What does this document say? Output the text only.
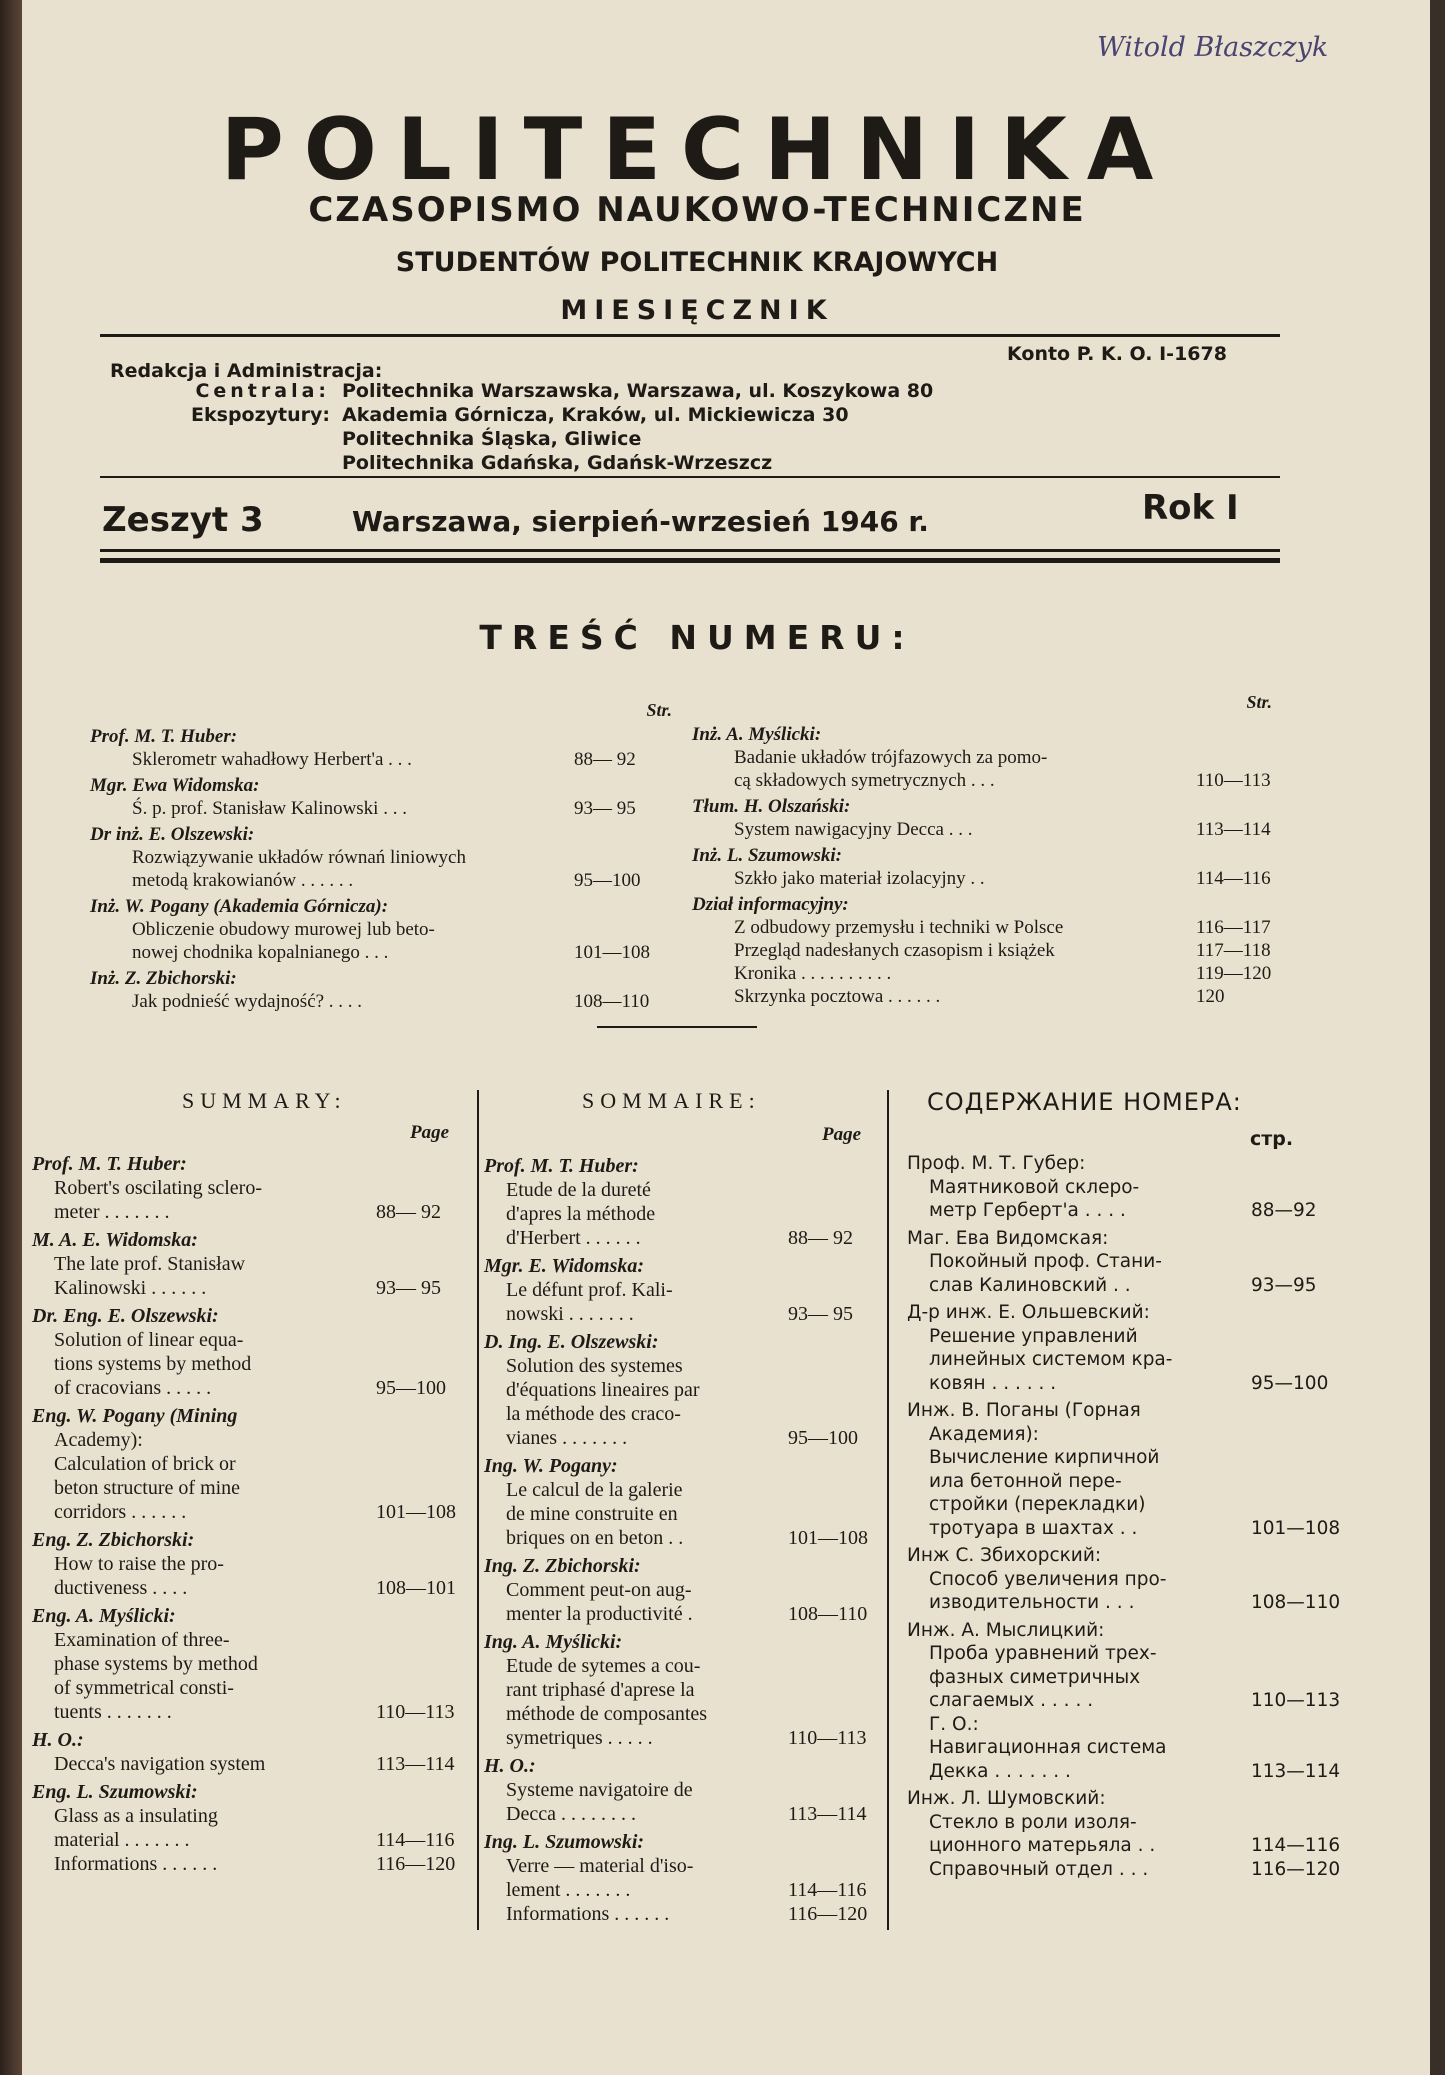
Witold Błaszczyk
POLITECHNIKA
CZASOPISMO NAUKOWO-TECHNICZNE
STUDENTÓW POLITECHNIK KRAJOWYCH
MIESIĘCZNIK
Konto P. K. O. I-1678
Redakcja i Administracja:
Centrala: Politechnika Warszawska, Warszawa, ul. Koszykowa 80
Ekspozytury: Akademia Górnicza, Kraków, ul. Mickiewicza 30
Politechnika Śląska, Gliwice
Politechnika Gdańska, Gdańsk-Wrzeszcz
Zeszyt 3	Warszawa, sierpień-wrzesień 1946 r.	Rok I
TREŚĆ NUMERU:
Str.	Str.
Prof. M. T. Huber:
Sklerometr wahadłowy Herbert'a . . .	88— 92
Mgr. Ewa Widomska:
Ś. p. prof. Stanisław Kalinowski . . .	93— 95
Dr inż. E. Olszewski:
Rozwiązywanie układów równań liniowych
metodą krakowianów . . . . . .	95—100
Inż. W. Pogany (Akademia Górnicza):
Obliczenie obudowy murowej lub beto-
nowej chodnika kopalnianego . . .	101—108
Inż. Z. Zbichorski:
Jak podnieść wydajność? . . . .	108—110
Inż. A. Myślicki:
Badanie układów trójfazowych za pomo-
cą składowych symetrycznych . . .	110—113
Tłum. H. Olszański:
System nawigacyjny Decca . . .	113—114
Inż. L. Szumowski:
Szkło jako materiał izolacyjny . .	114—116
Dział informacyjny:
Z odbudowy przemysłu i techniki w Polsce	116—117
Przegląd nadesłanych czasopism i książek	117—118
Kronika . . . . . . . . . .	119—120
Skrzynka pocztowa . . . . . .	120
SUMMARY:
Page
Prof. M. T. Huber:
Robert's oscilating sclero-
meter . . . . . . .	88— 92
M. A. E. Widomska:
The late prof. Stanisław
Kalinowski . . . . . .	93— 95
Dr. Eng. E. Olszewski:
Solution of linear equa-
tions systems by method
of cracovians . . . . .	95—100
Eng. W. Pogany (Mining
Academy):
Calculation of brick or
beton structure of mine
corridors . . . . . .	101—108
Eng. Z. Zbichorski:
How to raise the pro-
ductiveness . . . .	108—101
Eng. A. Myślicki:
Examination of three-
phase systems by method
of symmetrical consti-
tuents . . . . . . .	110—113
H. O.:
Decca's navigation system	113—114
Eng. L. Szumowski:
Glass as a insulating
material . . . . . . .	114—116
Informations . . . . . .	116—120
SOMMAIRE:
Page
Prof. M. T. Huber:
Etude de la dureté
d'apres la méthode
d'Herbert . . . . . .	88— 92
Mgr. E. Widomska:
Le défunt prof. Kali-
nowski . . . . . . .	93— 95
D. Ing. E. Olszewski:
Solution des systemes
d'équations lineaires par
la méthode des craco-
vianes . . . . . . .	95—100
Ing. W. Pogany:
Le calcul de la galerie
de mine construite en
briques on en beton . .	101—108
Ing. Z. Zbichorski:
Comment peut-on aug-
menter la productivité .	108—110
Ing. A. Myślicki:
Etude de sytemes a cou-
rant triphasé d'aprese la
méthode de composantes
symetriques . . . . .	110—113
H. O.:
Systeme navigatoire de
Decca . . . . . . . .	113—114
Ing. L. Szumowski:
Verre — material d'iso-
lement . . . . . . .	114—116
Informations . . . . . .	116—120
СОДЕРЖАНИЕ НОМЕРА:
стр.
Проф. М. Т. Губер:
Маятниковой склеро-
метр Герберт'а . . . .	88—92
Маг. Ева Видомская:
Покойный проф. Стани-
слав Калиновский . .	93—95
Д-р инж. Е. Ольшевский:
Решение управлений
линейных системом кра-
ковян . . . . . .	95—100
Инж. В. Поганы (Горная
Академия):
Вычисление кирпичной
ила бетонной пере-
стройки (перекладки)
тротуара в шахтах . .	101—108
Инж С. Збихорский:
Способ увеличения про-
изводительности . . .	108—110
Инж. А. Мыслицкий:
Проба уравнений трех-
фазных симетричных
слагаемых . . . . .	110—113
Г. О.:
Навигационная система
Декка . . . . . . .	113—114
Инж. Л. Шумовский:
Стекло в роли изоля-
ционного матерьяла . .	114—116
Справочный отдел . . .	116—120
